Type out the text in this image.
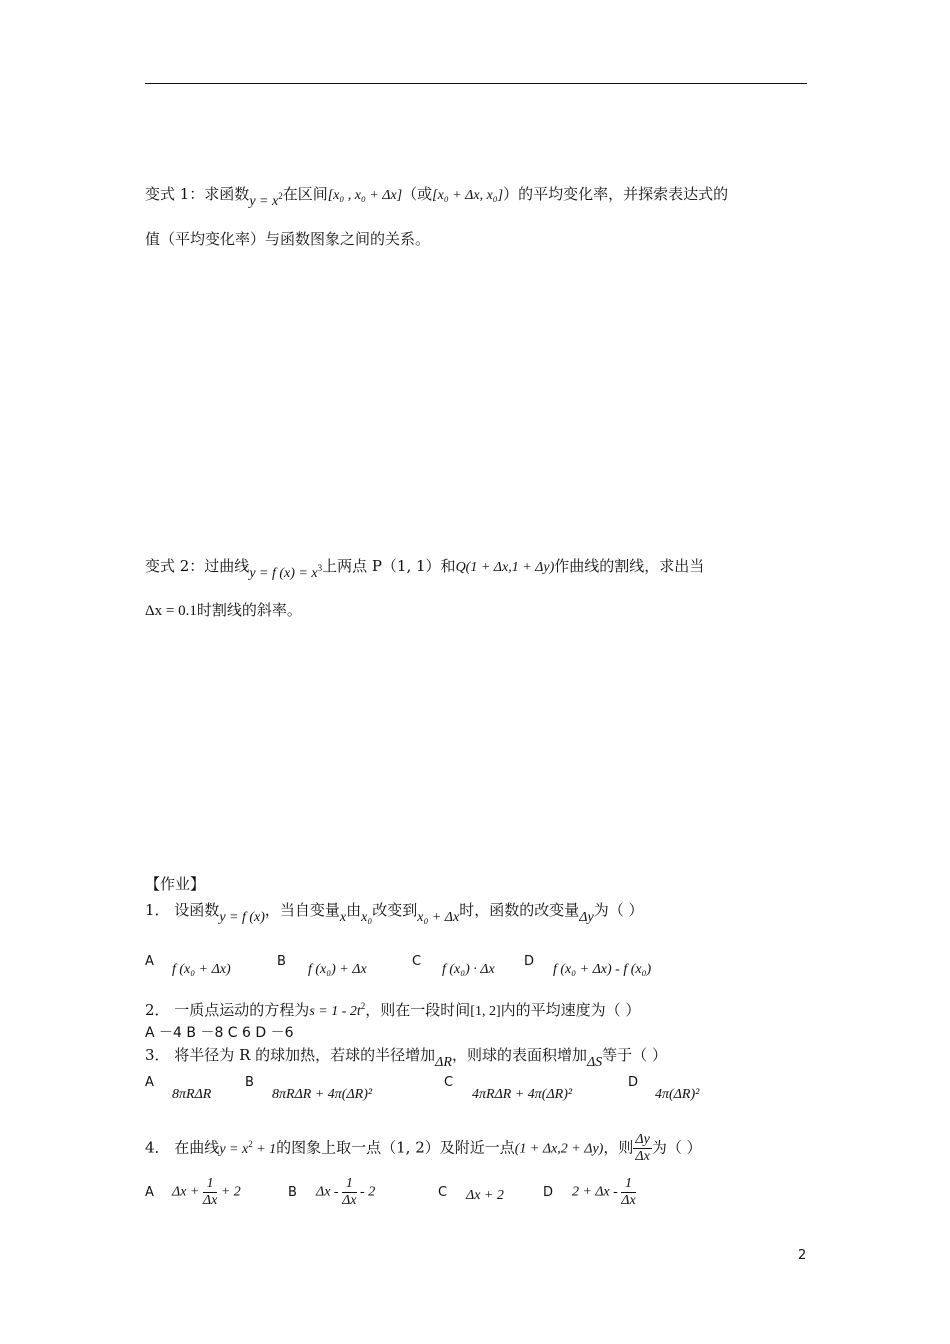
变式 1：求函数$y = x^2$在区间[x₀ , x₀ + Δx]（或[x₀ + Δx, x₀]）的平均变化率，并探索表达式的
值（平均变化率）与函数图象之间的关系。
变式 2：过曲线y = f $(x) = x^3$上两点 P（1, 1）和Q(1 + Δx,1 + Δy)作曲线的割线，求出当
Δx = 0.1时割线的斜率。
【作业】
1． 设函数y = f (x)，当自变量x由x₀改变到x₀ + Δx时，函数的改变量Δy为（ ）
A
f (x₀ + Δx)
B
f (x₀) + Δx
C
f (x₀) · Δx
D
f (x₀ + Δx) - f (x₀)
2． 一质点运动的方程为$s = 1 - 2t^2$，则在一段时间[1, 2]内的平均速度为（ ）
A －4 B －8 C 6 D －6
3． 将半径为 R 的球加热，若球的半径增加ΔR，则球的表面积增加ΔS等于（ ）
A
8πRΔR
B
8πRΔR + 4π(ΔR)²
C
4πRΔR + 4π(ΔR)²
D
4π(ΔR)²
4． 在曲线$y = x^2 + 1$的图象上取一点（1, 2）及附近一点(1 + Δx,2 + Δy)，则 $\frac{\Delta y}{\Delta x}$ 为（ ）
A $\Delta x + \frac{1}{\Delta x} + 2$	B Δx - $\frac{1}{\Delta x} - 2$	C Δx + 2	D $2 + \Delta x - \frac{1}{\Delta x}$
2
